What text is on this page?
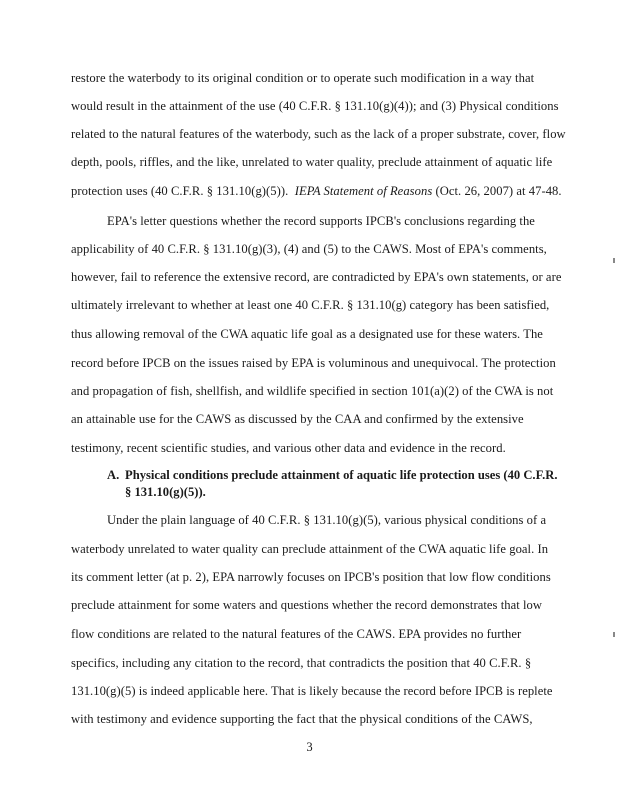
restore the waterbody to its original condition or to operate such modification in a way that
would result in the attainment of the use (40 C.F.R. § 131.10(g)(4)); and (3) Physical conditions
related to the natural features of the waterbody, such as the lack of a proper substrate, cover, flow
depth, pools, riffles, and the like, unrelated to water quality, preclude attainment of aquatic life
protection uses (40 C.F.R. § 131.10(g)(5)). IEPA Statement of Reasons (Oct. 26, 2007) at 47-48.
EPA's letter questions whether the record supports IPCB's conclusions regarding the
applicability of 40 C.F.R. § 131.10(g)(3), (4) and (5) to the CAWS. Most of EPA's comments,
however, fail to reference the extensive record, are contradicted by EPA's own statements, or are
ultimately irrelevant to whether at least one 40 C.F.R. § 131.10(g) category has been satisfied,
thus allowing removal of the CWA aquatic life goal as a designated use for these waters. The
record before IPCB on the issues raised by EPA is voluminous and unequivocal. The protection
and propagation of fish, shellfish, and wildlife specified in section 101(a)(2) of the CWA is not
an attainable use for the CAWS as discussed by the CAA and confirmed by the extensive
testimony, recent scientific studies, and various other data and evidence in the record.
A. Physical conditions preclude attainment of aquatic life protection uses (40 C.F.R.
§ 131.10(g)(5)).
Under the plain language of 40 C.F.R. § 131.10(g)(5), various physical conditions of a
waterbody unrelated to water quality can preclude attainment of the CWA aquatic life goal. In
its comment letter (at p. 2), EPA narrowly focuses on IPCB's position that low flow conditions
preclude attainment for some waters and questions whether the record demonstrates that low
flow conditions are related to the natural features of the CAWS. EPA provides no further
specifics, including any citation to the record, that contradicts the position that 40 C.F.R. §
131.10(g)(5) is indeed applicable here. That is likely because the record before IPCB is replete
with testimony and evidence supporting the fact that the physical conditions of the CAWS,
3
